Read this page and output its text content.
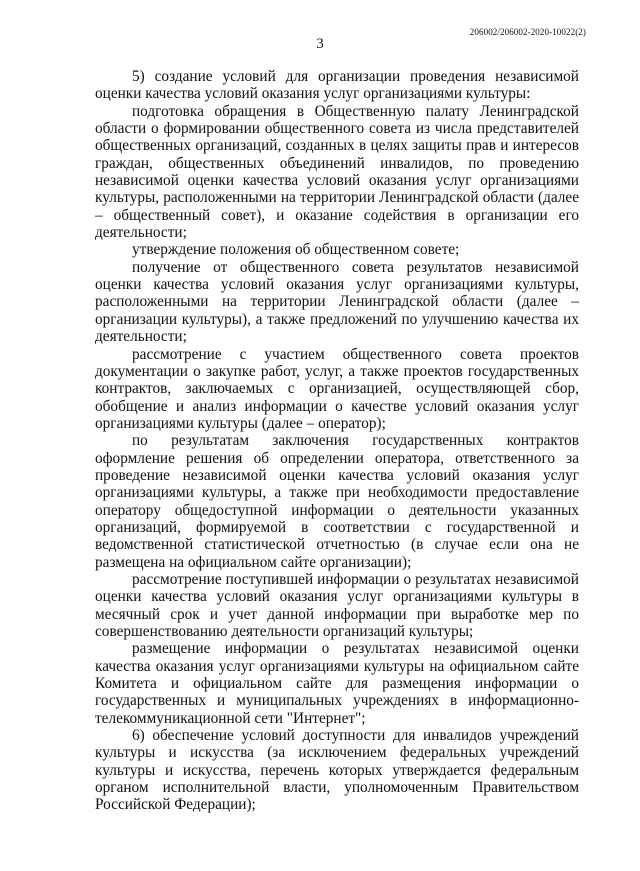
206002/206002-2020-10022(2)
3

5) создание условий для организации проведения независимой оценки качества условий оказания услуг организациями культуры:

подготовка обращения в Общественную палату Ленинградской области о формировании общественного совета из числа представителей общественных организаций, созданных в целях защиты прав и интересов граждан, общественных объединений инвалидов, по проведению независимой оценки качества условий оказания услуг организациями культуры, расположенными на территории Ленинградской области (далее – общественный совет), и оказание содействия в организации его деятельности;

утверждение положения об общественном совете;

получение от общественного совета результатов независимой оценки качества условий оказания услуг организациями культуры, расположенными на территории Ленинградской области (далее – организации культуры), а также предложений по улучшению качества их деятельности;

рассмотрение с участием общественного совета проектов документации о закупке работ, услуг, а также проектов государственных контрактов, заключаемых с организацией, осуществляющей сбор, обобщение и анализ информации о качестве условий оказания услуг организациями культуры (далее – оператор);

по результатам заключения государственных контрактов оформление решения об определении оператора, ответственного за проведение независимой оценки качества условий оказания услуг организациями культуры, а также при необходимости предоставление оператору общедоступной информации о деятельности указанных организаций, формируемой в соответствии с государственной и ведомственной статистической отчетностью (в случае если она не размещена на официальном сайте организации);

рассмотрение поступившей информации о результатах независимой оценки качества условий оказания услуг организациями культуры в месячный срок и учет данной информации при выработке мер по совершенствованию деятельности организаций культуры;

размещение информации о результатах независимой оценки качества оказания услуг организациями культуры на официальном сайте Комитета и официальном сайте для размещения информации о государственных и муниципальных учреждениях в информационно-телекоммуникационной сети "Интернет";

6) обеспечение условий доступности для инвалидов учреждений культуры и искусства (за исключением федеральных учреждений культуры и искусства, перечень которых утверждается федеральным органом исполнительной власти, уполномоченным Правительством Российской Федерации);
